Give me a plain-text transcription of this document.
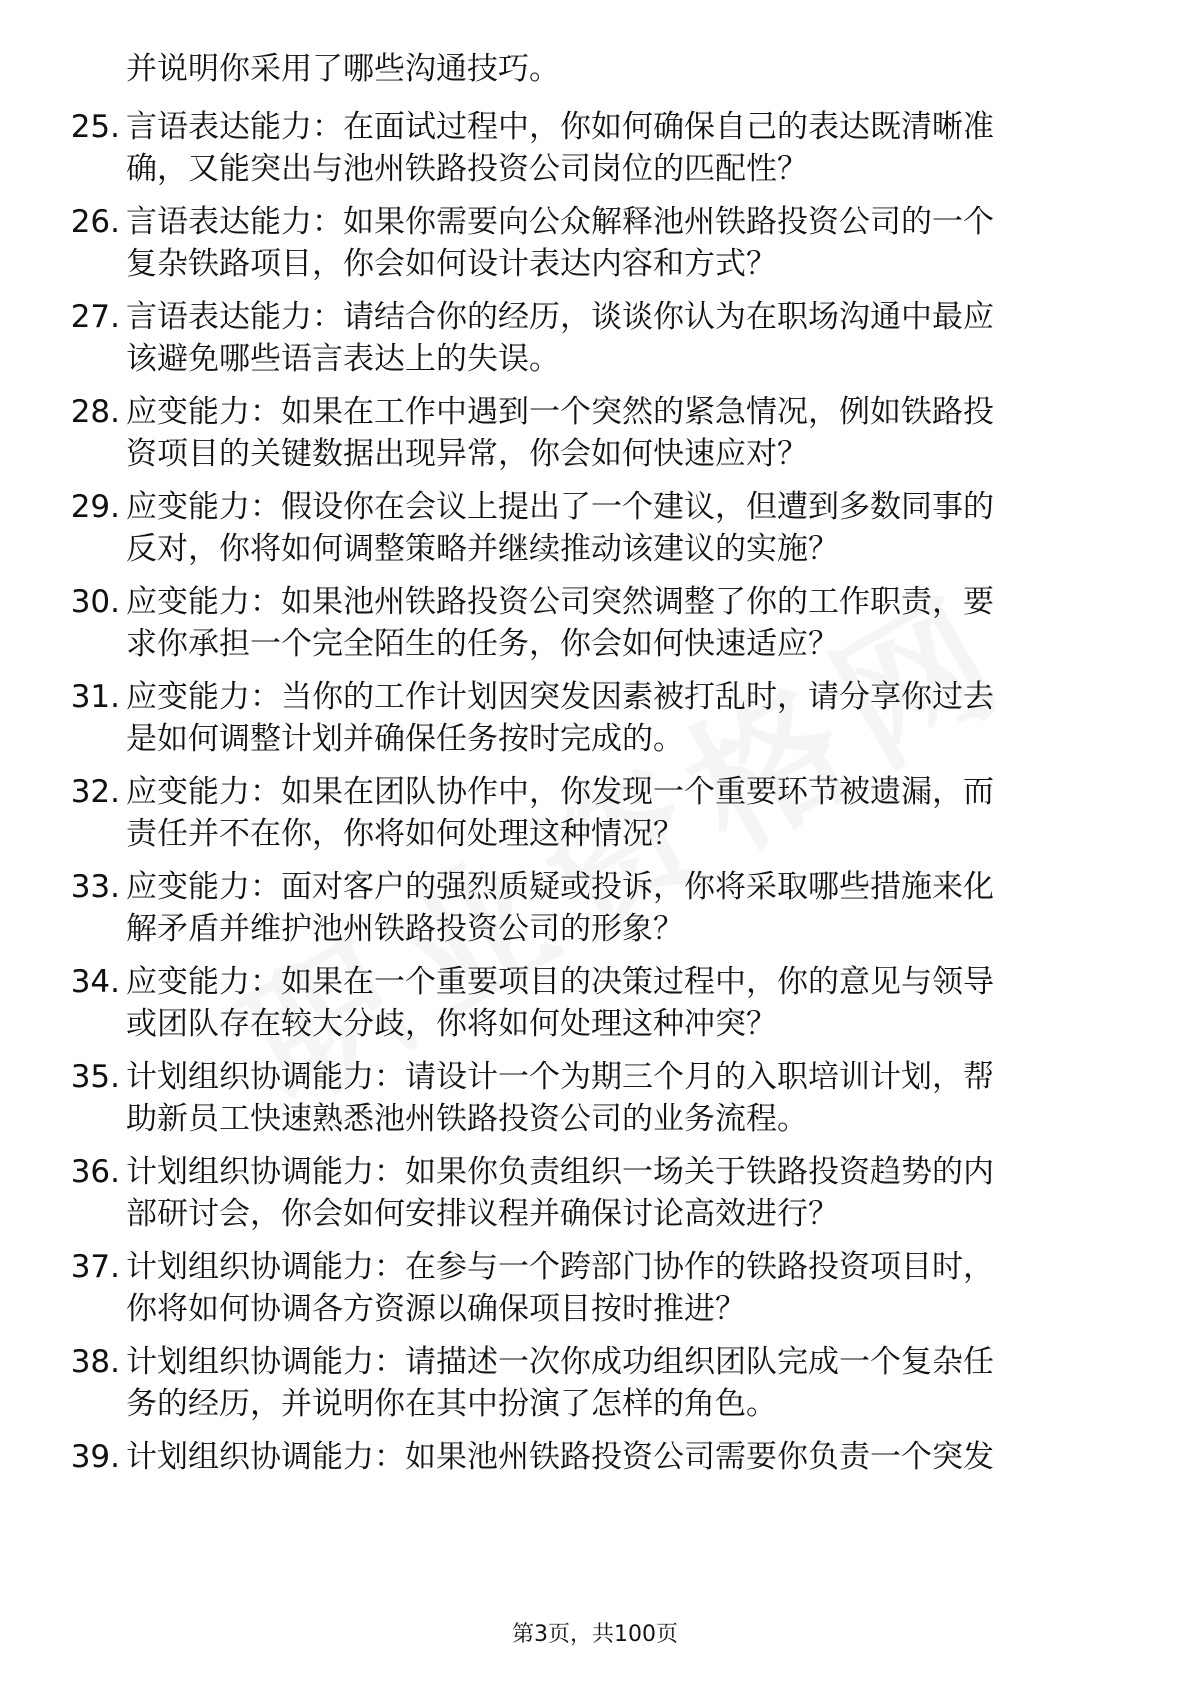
并说明你采用了哪些沟通技巧。
25. 言语表达能力：在面试过程中，你如何确保自己的表达既清晰准
确，又能突出与池州铁路投资公司岗位的匹配性？
26. 言语表达能力：如果你需要向公众解释池州铁路投资公司的一个
复杂铁路项目，你会如何设计表达内容和方式？
27. 言语表达能力：请结合你的经历，谈谈你认为在职场沟通中最应
该避免哪些语言表达上的失误。
28. 应变能力：如果在工作中遇到一个突然的紧急情况，例如铁路投
资项目的关键数据出现异常，你会如何快速应对？
29. 应变能力：假设你在会议上提出了一个建议，但遭到多数同事的
反对，你将如何调整策略并继续推动该建议的实施？
30. 应变能力：如果池州铁路投资公司突然调整了你的工作职责，要
求你承担一个完全陌生的任务，你会如何快速适应？
31. 应变能力：当你的工作计划因突发因素被打乱时，请分享你过去
是如何调整计划并确保任务按时完成的。
32. 应变能力：如果在团队协作中，你发现一个重要环节被遗漏，而
责任并不在你，你将如何处理这种情况？
33. 应变能力：面对客户的强烈质疑或投诉，你将采取哪些措施来化
解矛盾并维护池州铁路投资公司的形象？
34. 应变能力：如果在一个重要项目的决策过程中，你的意见与领导
或团队存在较大分歧，你将如何处理这种冲突？
35. 计划组织协调能力：请设计一个为期三个月的入职培训计划，帮
助新员工快速熟悉池州铁路投资公司的业务流程。
36. 计划组织协调能力：如果你负责组织一场关于铁路投资趋势的内
部研讨会，你会如何安排议程并确保讨论高效进行？
37. 计划组织协调能力：在参与一个跨部门协作的铁路投资项目时，
你将如何协调各方资源以确保项目按时推进？
38. 计划组织协调能力：请描述一次你成功组织团队完成一个复杂任
务的经历，并说明你在其中扮演了怎样的角色。
39. 计划组织协调能力：如果池州铁路投资公司需要你负责一个突发
第3页，共100页
